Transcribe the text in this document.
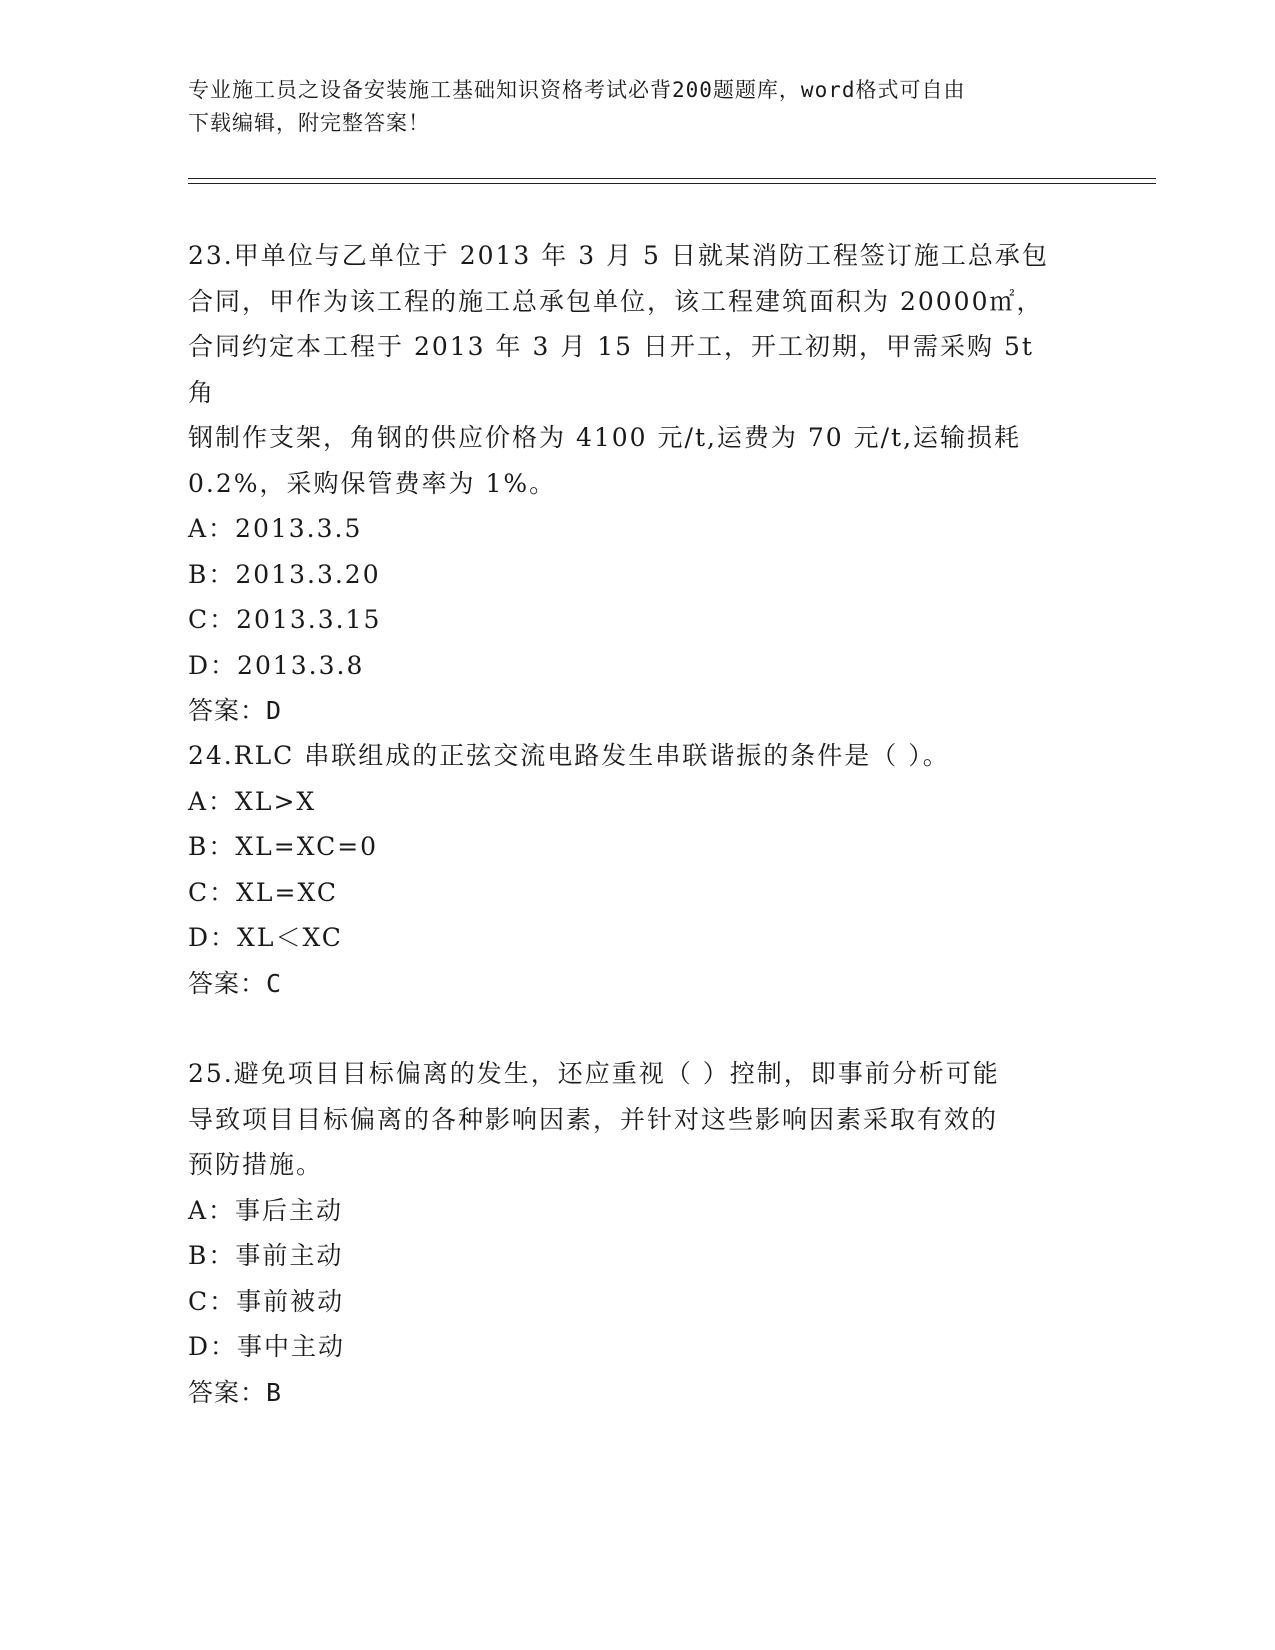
专业施工员之设备安装施工基础知识资格考试必背200题题库，word格式可自由
下载编辑，附完整答案！
23.甲单位与乙单位于 2013 年 3 月 5 日就某消防工程签订施工总承包
合同，甲作为该工程的施工总承包单位，该工程建筑面积为 20000㎡，
合同约定本工程于 2013 年 3 月 15 日开工，开工初期，甲需采购 5t 角
钢制作支架，角钢的供应价格为 4100 元/t,运费为 70 元/t,运输损耗
0.2%，采购保管费率为 1%。
A：2013.3.5
B：2013.3.20
C：2013.3.15
D：2013.3.8
答案：D
24.RLC 串联组成的正弦交流电路发生串联谐振的条件是（ ）。
A：XL>X
B：XL=XC=0
C：XL=XC
D：XL＜XC
答案：C
25.避免项目目标偏离的发生，还应重视（ ）控制，即事前分析可能
导致项目目标偏离的各种影响因素，并针对这些影响因素采取有效的
预防措施。
A：事后主动
B：事前主动
C：事前被动
D：事中主动
答案：B
